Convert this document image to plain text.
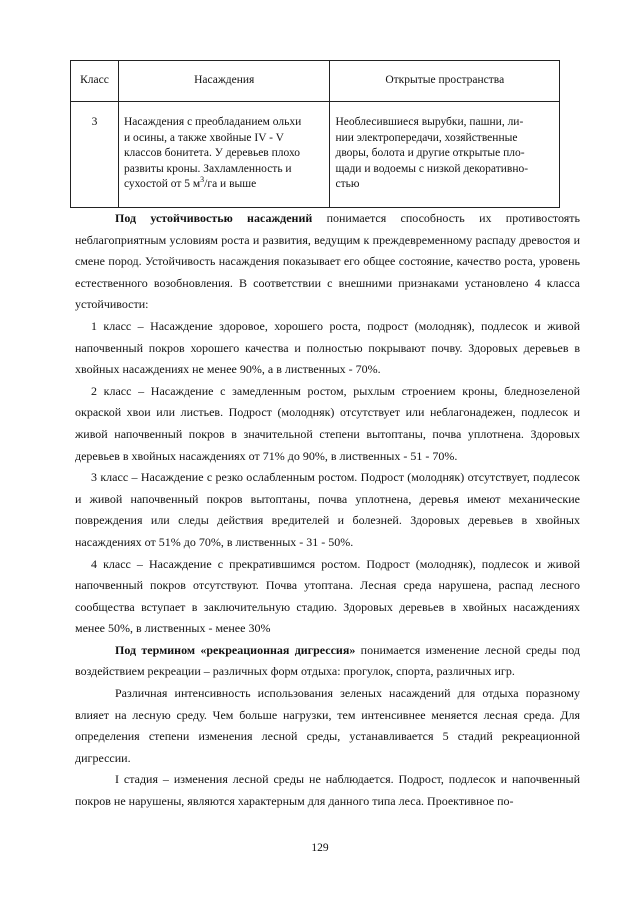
Класс	Насаждения	Открытые пространства
3	Насаждения с преобладанием ольхи
и осины, а также хвойные IV - V
классов бонитета. У деревьев плохо
развиты кроны. Захламленность и
сухостой от 5 $м^3/га$ и выше	Необлесившиеся вырубки, пашни, ли-
нии электропередачи, хозяйственные
дворы, болота и другие открытые пло-
щади и водоемы с низкой декоративно-
стью

Под устойчивостью насаждений понимается способность их противостоять неблагоприятным условиям роста и развития, ведущим к преждевременному распаду древостоя и смене пород. Устойчивость насаждения показывает его общее состояние, качество роста, уровень естественного возобновления. В соответствии с внешними признаками установлено 4 класса устойчивости:

1 класс – Насаждение здоровое, хорошего роста, подрост (молодняк), подлесок и живой напочвенный покров хорошего качества и полностью покрывают почву. Здоровых деревьев в хвойных насаждениях не менее 90%, а в лиственных - 70%.

2 класс – Насаждение с замедленным ростом, рыхлым строением кроны, бледнозеленой окраской хвои или листьев. Подрост (молодняк) отсутствует или неблагонадежен, подлесок и живой напочвенный покров в значительной степени вытоптаны, почва уплотнена. Здоровых деревьев в хвойных насаждениях от 71% до 90%, в лиственных - 51 - 70%.

3 класс – Насаждение с резко ослабленным ростом. Подрост (молодняк) отсутствует, подлесок и живой напочвенный покров вытоптаны, почва уплотнена, деревья имеют механические повреждения или следы действия вредителей и болезней. Здоровых деревьев в хвойных насаждениях от 51% до 70%, в лиственных - 31 - 50%.

4 класс – Насаждение с прекратившимся ростом. Подрост (молодняк), подлесок и живой напочвенный покров отсутствуют. Почва утоптана. Лесная среда нарушена, распад лесного сообщества вступает в заключительную стадию. Здоровых деревьев в хвойных насаждениях менее 50%, в лиственных - менее 30%

Под термином «рекреационная дигрессия» понимается изменение лесной среды под воздействием рекреации – различных форм отдыха: прогулок, спорта, различных игр.

Различная интенсивность использования зеленых насаждений для отдыха поразному влияет на лесную среду. Чем больше нагрузки, тем интенсивнее меняется лесная среда. Для определения степени изменения лесной среды, устанавливается 5 стадий рекреационной дигрессии.

I стадия – изменения лесной среды не наблюдается. Подрост, подлесок и напочвенный покров не нарушены, являются характерным для данного типа леса. Проективное по-

129
